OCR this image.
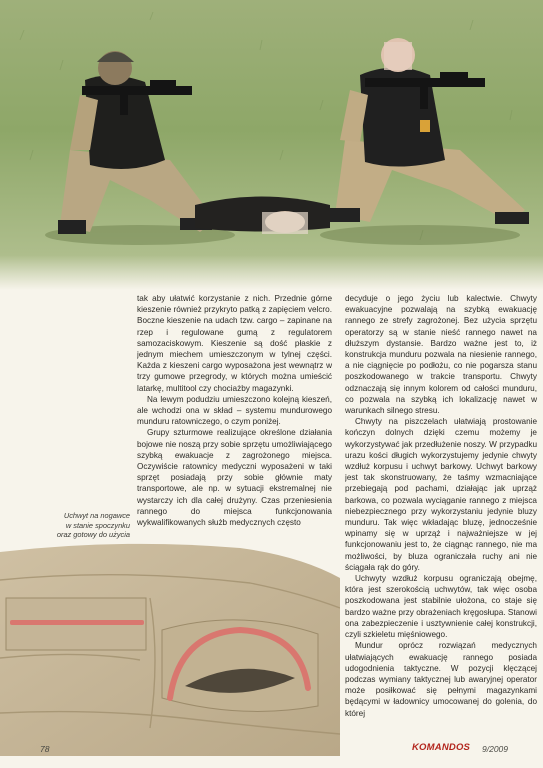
tak aby ułatwić korzystanie z nich. Przednie górne kieszenie również przykryto patką z zapięciem velcro. Boczne kieszenie na udach tzw. cargo – zapinane na rzep i regulowane gumą z regulatorem samozaciskowym. Kieszenie są dość płaskie z jednym miechem umieszczonym w tylnej części. Każda z kieszeni cargo wyposażona jest wewnątrz w trzy gumowe przegrody, w których można umieścić latarkę, multitool czy chociażby magazynki.

Na lewym podudziu umieszczono kolejną kieszeń, ale wchodzi ona w skład – systemu mundurowego munduru ratowniczego, o czym poniżej.

Grupy szturmowe realizujące określone działania bojowe nie noszą przy sobie sprzętu umożliwiającego szybką ewakuacje z zagrożonego miejsca. Oczywiście ratownicy medyczni wyposażeni w taki sprzęt posiadają przy sobie głównie maty transportowe, ale np. w sytuacji ekstremalnej nie wystarczy ich dla całej drużyny. Czas przeniesienia rannego do miejsca funkcjonowania wykwalifikowanych służb medycznych często

decyduje o jego życiu lub kalectwie. Chwyty ewakuacyjne pozwalają na szybką ewakuację rannego ze strefy zagrożonej. Bez użycia sprzętu operatorzy są w stanie nieść rannego nawet na dłuższym dystansie. Bardzo ważne jest to, iż konstrukcja munduru pozwala na niesienie rannego, a nie ciągnięcie po podłożu, co nie pogarsza stanu poszkodowanego w trakcie transportu. Chwyty odznaczają się innym kolorem od całości munduru, co pozwala na szybką ich lokalizację nawet w warunkach silnego stresu.

Chwyty na piszczelach ułatwiają prostowanie kończyn dolnych dzięki czemu możemy je wykorzystywać jak przedłużenie noszy. W przypadku urazu kości długich wykorzystujemy jedynie chwyty wzdłuż korpusu i uchwyt barkowy. Uchwyt barkowy jest tak skonstruowany, że taśmy wzmacniające przebiegają pod pachami, działając jak uprząż barkowa, co pozwala wyciąganie rannego z miejsca niebezpiecznego przy wykorzystaniu jedynie bluzy munduru. Tak więc wkładając bluzę, jednocześnie wpinamy się w uprząż i najważniejsze w jej funkcjonowaniu jest to, że ciągnąc rannego, nie ma możliwości, by bluza ograniczała ruchy ani nie ściągała rąk do góry.

Uchwyty wzdłuż korpusu ograniczają obejmę, która jest szerokością uchwytów, tak więc osoba poszkodowana jest stabilnie ułożona, co staje się bardzo ważne przy obrażeniach kręgosłupa. Stanowi ona zabezpieczenie i usztywnienie całej konstrukcji, czyli szkieletu mięśniowego.

Mundur oprócz rozwiązań medycznych ułatwiających ewakuację rannego posiada udogodnienia taktyczne. W pozycji klęczącej podczas wymiany taktycznej lub awaryjnej operator może posiłkować się pełnymi magazynkami będącymi w ładownicy umocowanej do golenia, do której

Uchwyt na nogawce
w stanie spoczynku
oraz gotowy do użycia
78	KOMANDOS 9/2009
